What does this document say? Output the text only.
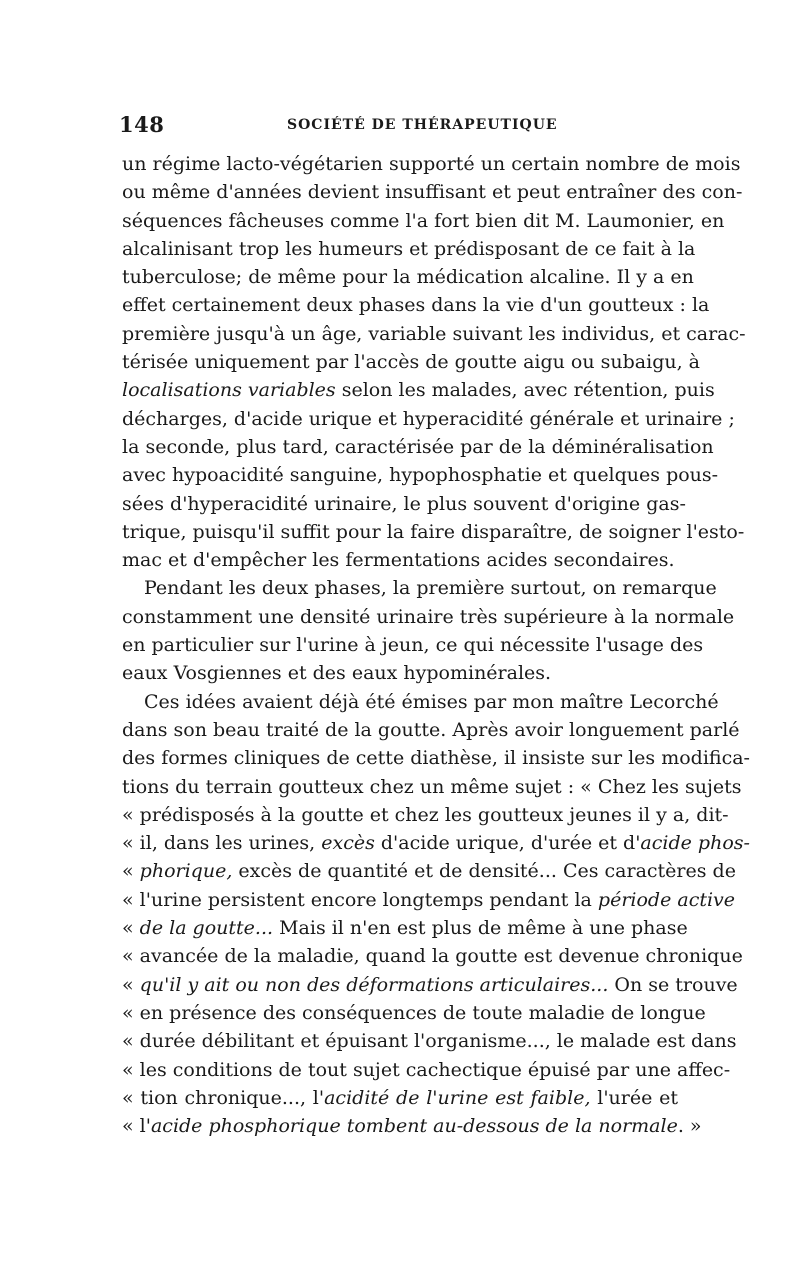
148	SOCIÉTÉ DE THÉRAPEUTIQUE
un régime lacto-végétarien supporté un certain nombre de mois
ou même d'années devient insuffisant et peut entraîner des con-
séquences fâcheuses comme l'a fort bien dit M. Laumonier, en
alcalinisant trop les humeurs et prédisposant de ce fait à la
tuberculose; de même pour la médication alcaline. Il y a en
effet certainement deux phases dans la vie d'un goutteux : la
première jusqu'à un âge, variable suivant les individus, et carac-
térisée uniquement par l'accès de goutte aigu ou subaigu, à
localisations variables selon les malades, avec rétention, puis
décharges, d'acide urique et hyperacidité générale et urinaire ;
la seconde, plus tard, caractérisée par de la déminéralisation
avec hypoacidité sanguine, hypophosphatie et quelques pous-
sées d'hyperacidité urinaire, le plus souvent d'origine gas-
trique, puisqu'il suffit pour la faire disparaître, de soigner l'esto-
mac et d'empêcher les fermentations acides secondaires.
Pendant les deux phases, la première surtout, on remarque
constamment une densité urinaire très supérieure à la normale
en particulier sur l'urine à jeun, ce qui nécessite l'usage des
eaux Vosgiennes et des eaux hypominérales.
Ces idées avaient déjà été émises par mon maître Lecorché
dans son beau traité de la goutte. Après avoir longuement parlé
des formes cliniques de cette diathèse, il insiste sur les modifica-
tions du terrain goutteux chez un même sujet : « Chez les sujets
« prédisposés à la goutte et chez les goutteux jeunes il y a, dit-
« il, dans les urines, excès d'acide urique, d'urée et d'acide phos-
« phorique, excès de quantité et de densité... Ces caractères de
« l'urine persistent encore longtemps pendant la période active
« de la goutte... Mais il n'en est plus de même à une phase
« avancée de la maladie, quand la goutte est devenue chronique
« qu'il y ait ou non des déformations articulaires... On se trouve
« en présence des conséquences de toute maladie de longue
« durée débilitant et épuisant l'organisme..., le malade est dans
« les conditions de tout sujet cachectique épuisé par une affec-
« tion chronique..., l'acidité de l'urine est faible, l'urée et
« l'acide phosphorique tombent au-dessous de la normale. »
